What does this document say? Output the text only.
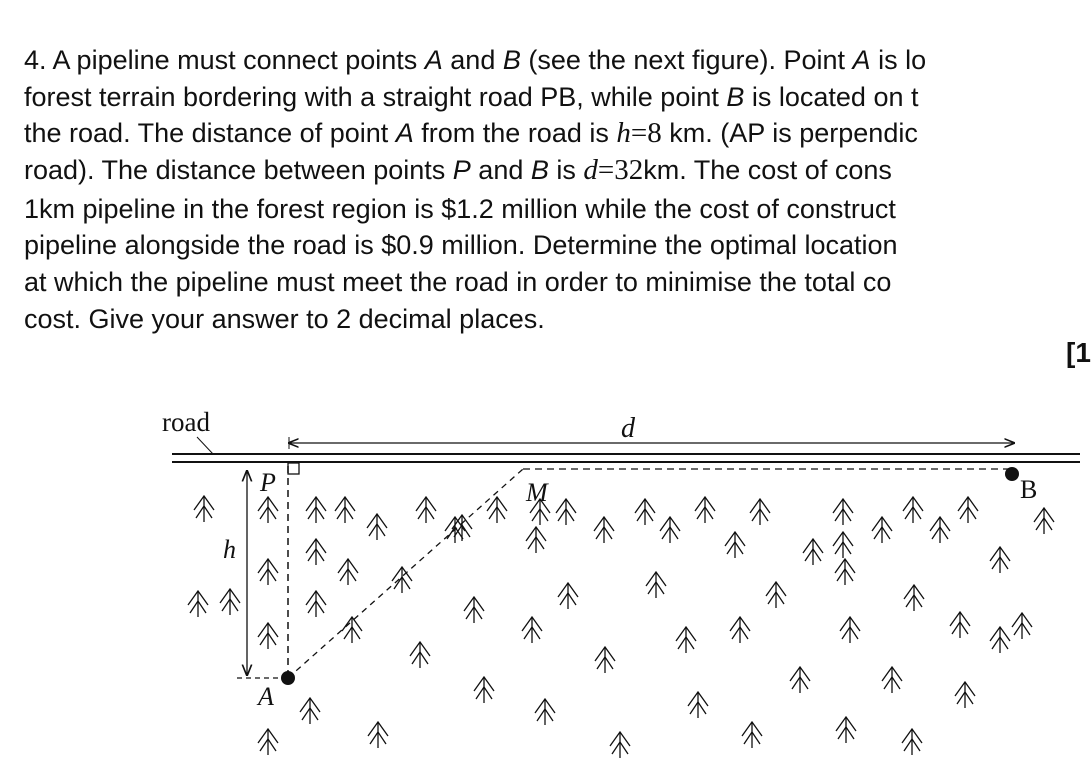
4. A pipeline must connect points A and B (see the next figure). Point A is lo
forest terrain bordering with a straight road PB, while point B is located on t
the road. The distance of point A from the road is h=8 km. (AP is perpendic
road). The distance between points P and B is d=32km. The cost of cons
1km pipeline in the forest region is $1.2 million while the cost of construct
pipeline alongside the road is $0.9 million. Determine the optimal location
at which the pipeline must meet the road in order to minimise the total co
cost. Give your answer to 2 decimal places.
[1
road	d
h
P	M	B
A
